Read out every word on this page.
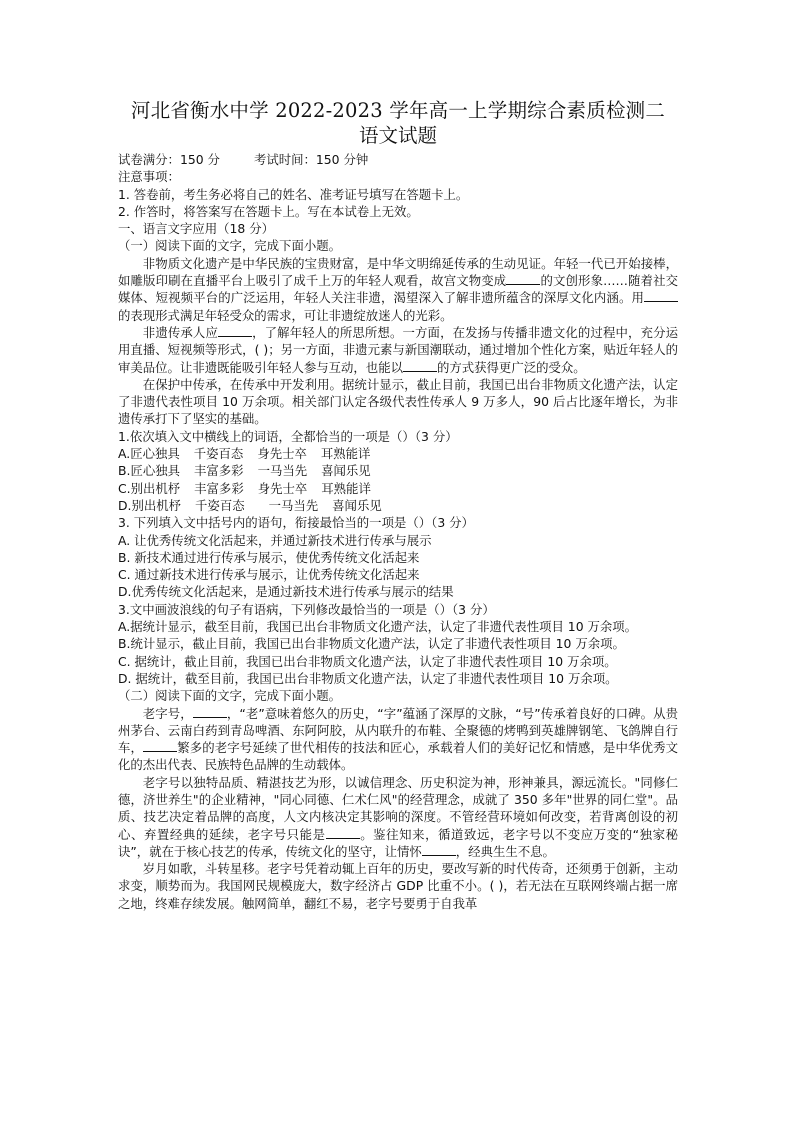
河北省衡水中学 2022-2023 学年高一上学期综合素质检测二
语文试题

试卷满分：150 分	考试时间：150 分钟

注意事项：

1. 答卷前，考生务必将自己的姓名、准考证号填写在答题卡上。

2. 作答时，将答案写在答题卡上。写在本试卷上无效。

一、语言文字应用（18 分）

（一）阅读下面的文字，完成下面小题。

非物质文化遗产是中华民族的宝贵财富，是中华文明绵延传承的生动见证。年轻一代已开始接棒，如雕版印刷在直播平台上吸引了成千上万的年轻人观看，故宫文物变成	的文创形象……随着社交媒体、短视频平台的广泛运用，年轻人关注非遗，渴望深入了解非遗所蕴含的深厚文化内涵。用的表现形式满足年轻受众的需求，可让非遗绽放迷人的光彩。

非遗传承人应	，了解年轻人的所思所想。一方面，在发扬与传播非遗文化的过程中，充分运用直播、短视频等形式，( )；另一方面，非遗元素与新国潮联动，通过增加个性化方案，贴近年轻人的审美品位。让非遗既能吸引年轻人参与互动，也能以	的方式获得更广泛的受众。

在保护中传承，在传承中开发利用。据统计显示，截止目前，我国已出台非物质文化遗产法，认定了非遗代表性项目 10 万余项。相关部门认定各级代表性传承人 9 万多人，90 后占比逐年增长，为非遗传承打下了坚实的基础。

1.依次填入文中横线上的词语，全都恰当的一项是（）（3 分）

A.匠心独具 千姿百态 身先士卒 耳熟能详

B.匠心独具 丰富多彩 一马当先 喜闻乐见

C.别出机杼 丰富多彩 身先士卒 耳熟能详

D.别出机杼 千姿百态 一马当先 喜闻乐见

3. 下列填入文中括号内的语句，衔接最恰当的一项是（）（3 分）

A. 让优秀传统文化活起来，并通过新技术进行传承与展示

B. 新技术通过进行传承与展示，使优秀传统文化活起来

C. 通过新技术进行传承与展示，让优秀传统文化活起来

D.优秀传统文化活起来，是通过新技术进行传承与展示的结果

3.文中画波浪线的句子有语病，下列修改最恰当的一项是（）（3 分）

A.据统计显示，截至目前，我国已出台非物质文化遗产法，认定了非遗代表性项目 10 万余项。

B.统计显示，截止目前，我国已出台非物质文化遗产法，认定了非遗代表性项目 10 万余项。

C. 据统计，截止目前，我国已出台非物质文化遗产法，认定了非遗代表性项目 10 万余项。

D. 据统计，截至目前，我国已出台非物质文化遗产法，认定了非遗代表性项目 10 万余项。

（二）阅读下面的文字，完成下面小题。

老字号，	，“老”意味着悠久的历史，“字”蕴涵了深厚的文脉，“号”传承着良好的口碑。从贵州茅台、云南白药到青岛啤酒、东阿阿胶，从内联升的布鞋、全聚德的烤鸭到英雄牌钢笔、飞鸽牌自行车，	繁多的老字号延续了世代相传的技法和匠心，承载着人们的美好记忆和情感，是中华优秀文化的杰出代表、民族特色品牌的生动载体。

老字号以独特品质、精湛技艺为形，以诚信理念、历史积淀为神，形神兼具，源远流长。"同修仁德，济世养生"的企业精神，"同心同德、仁术仁风"的经营理念，成就了 350 多年"世界的同仁堂"。品质、技艺决定着品牌的高度，人文内核决定其影响的深度。不管经营环境如何改变，若背离创设的初心、弃置经典的延续，老字号只能是	。鉴往知来，循道致远，老字号以不变应万变的“独家秘诀”，就在于核心技艺的传承，传统文化的坚守，让情怀	，经典生生不息。

岁月如歌，斗转星移。老字号凭着动辄上百年的历史，要改写新的时代传奇，还须勇于创新，主动求变，顺势而为。我国网民规模庞大，数字经济占 GDP 比重不小。( )，若无法在互联网终端占据一席之地，终难存续发展。触网简单，翻红不易，老字号要勇于自我革
